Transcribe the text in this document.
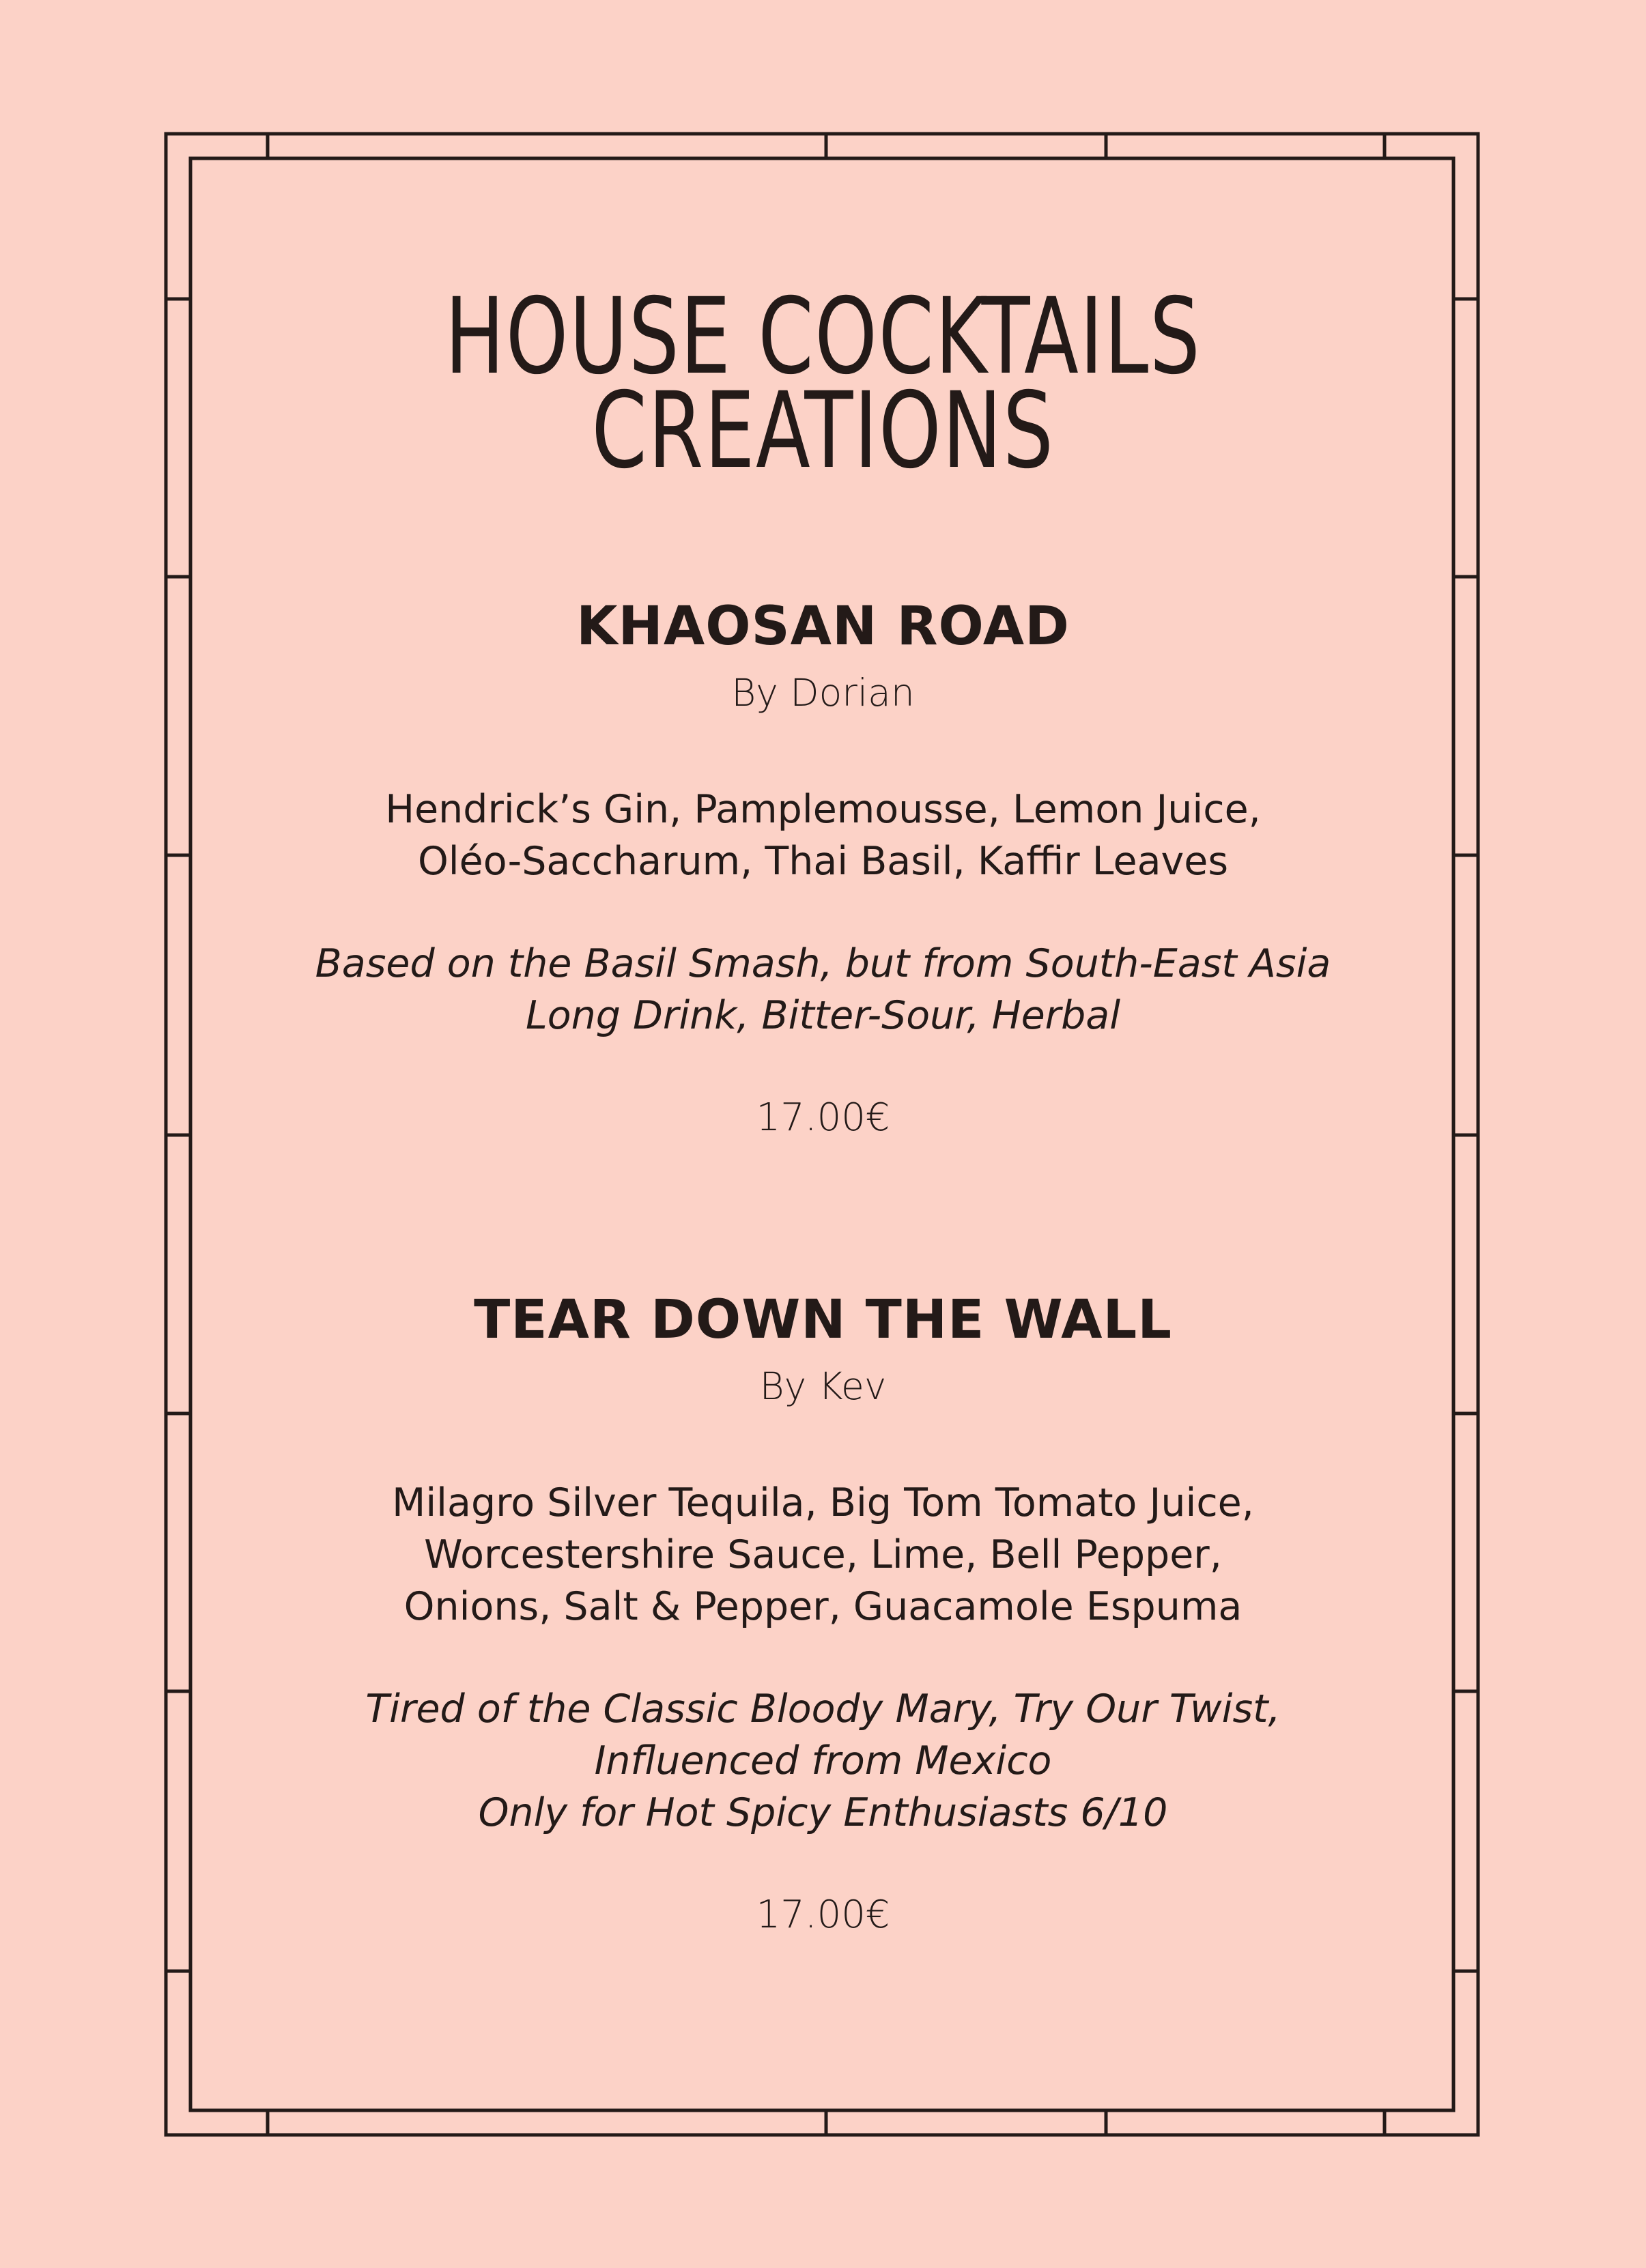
HOUSE COCKTAILS
CREATIONS
KHAOSAN ROAD

By Dorian

Hendrick’s Gin, Pamplemousse, Lemon Juice,
Oléo-Saccharum, Thai Basil, Kaffir Leaves

Based on the Basil Smash, but from South-East Asia
Long Drink, Bitter-Sour, Herbal

17.00€

TEAR DOWN THE WALL

By Kev

Milagro Silver Tequila, Big Tom Tomato Juice,
Worcestershire Sauce, Lime, Bell Pepper,
Onions, Salt & Pepper, Guacamole Espuma

Tired of the Classic Bloody Mary, Try Our Twist,
Influenced from Mexico
Only for Hot Spicy Enthusiasts 6/10

17.00€
